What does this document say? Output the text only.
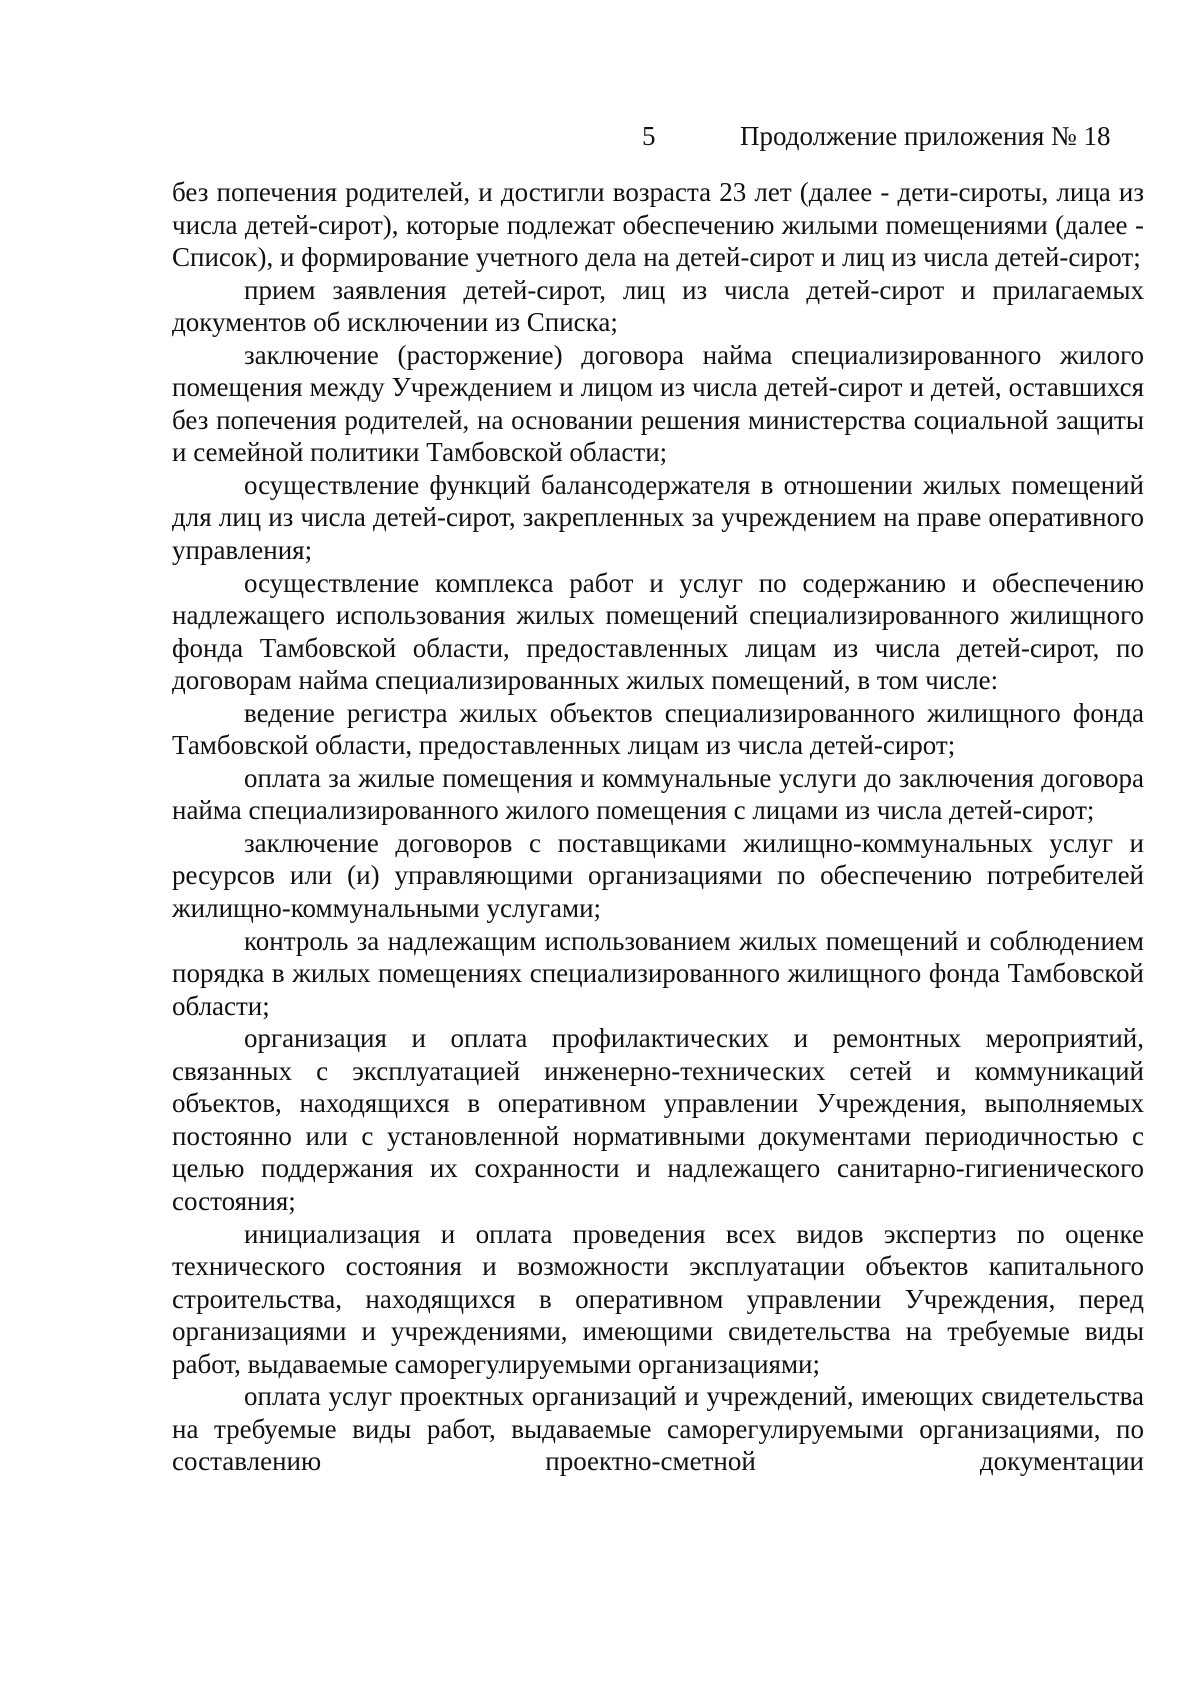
5	Продолжение приложения № 18

без попечения родителей, и достигли возраста 23 лет (далее - дети-сироты, лица из числа детей-сирот), которые подлежат обеспечению жилыми помещениями (далее - Список), и формирование учетного дела на детей-сирот и лиц из числа детей-сирот;

прием заявления детей-сирот, лиц из числа детей-сирот и прилагаемых документов об исключении из Списка;

заключение (расторжение) договора найма специализированного жилого помещения между Учреждением и лицом из числа детей-сирот и детей, оставшихся без попечения родителей, на основании решения министерства социальной защиты и семейной политики Тамбовской области;

осуществление функций балансодержателя в отношении жилых помещений для лиц из числа детей-сирот, закрепленных за учреждением на праве оперативного управления;

осуществление комплекса работ и услуг по содержанию и обеспечению надлежащего использования жилых помещений специализированного жилищного фонда Тамбовской области, предоставленных лицам из числа детей-сирот, по договорам найма специализированных жилых помещений, в том числе:

ведение регистра жилых объектов специализированного жилищного фонда Тамбовской области, предоставленных лицам из числа детей-сирот;

оплата за жилые помещения и коммунальные услуги до заключения договора найма специализированного жилого помещения с лицами из числа детей-сирот;

заключение договоров с поставщиками жилищно-коммунальных услуг и ресурсов или (и) управляющими организациями по обеспечению потребителей жилищно-коммунальными услугами;

контроль за надлежащим использованием жилых помещений и соблюдением порядка в жилых помещениях специализированного жилищного фонда Тамбовской области;

организация и оплата профилактических и ремонтных мероприятий, связанных с эксплуатацией инженерно-технических сетей и коммуникаций объектов, находящихся в оперативном управлении Учреждения, выполняемых постоянно или с установленной нормативными документами периодичностью с целью поддержания их сохранности и надлежащего санитарно-гигиенического состояния;

инициализация и оплата проведения всех видов экспертиз по оценке технического состояния и возможности эксплуатации объектов капитального строительства, находящихся в оперативном управлении Учреждения, перед организациями и учреждениями, имеющими свидетельства на требуемые виды работ, выдаваемые саморегулируемыми организациями;

оплата услуг проектных организаций и учреждений, имеющих свидетельства на требуемые виды работ, выдаваемые саморегулируемыми организациями, по составлению проектно-сметной документации
